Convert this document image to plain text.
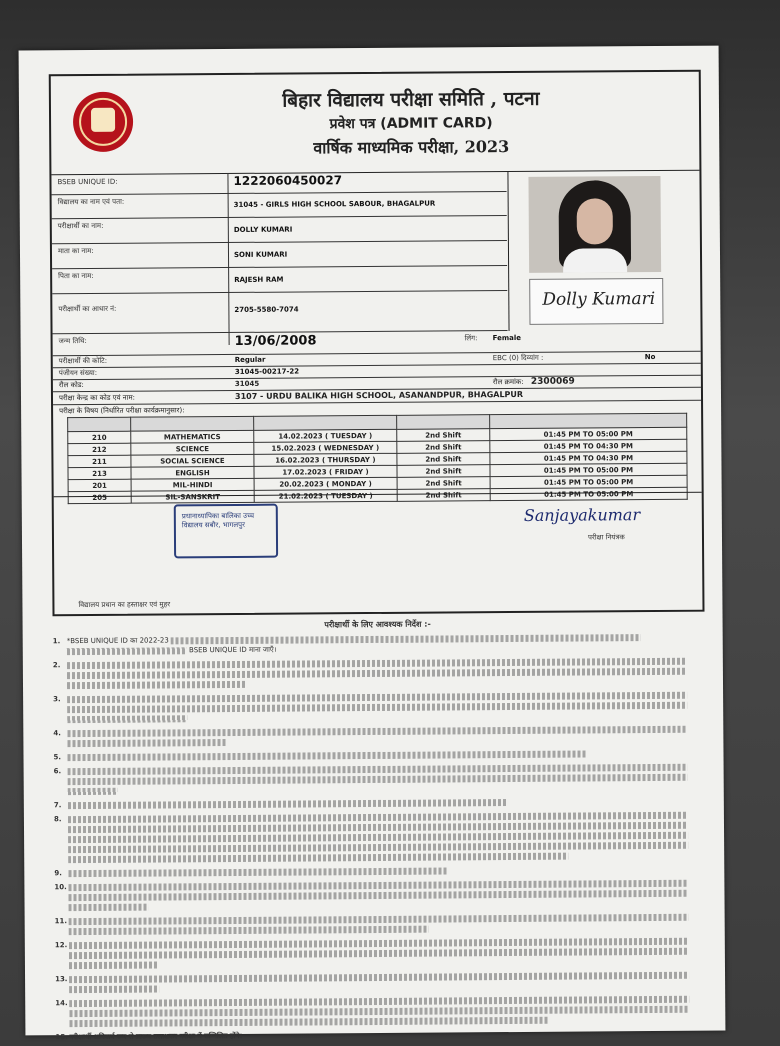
बिहार विद्यालय परीक्षा समिति , पटना
प्रवेश पत्र (ADMIT CARD)
वार्षिक माध्यमिक परीक्षा, 2023
BSEB UNIQUE ID:	1222060450027
विद्यालय का नाम एवं पता:	31045 - GIRLS HIGH SCHOOL SABOUR, BHAGALPUR
परीक्षार्थी का नाम:	DOLLY KUMARI
माता का नाम:	SONI KUMARI
पिता का नाम:	RAJESH RAM
परीक्षार्थी का आधार नं:	2705-5580-7074	Dolly Kumari
जन्म तिथि:	13/06/2008	लिंग: Female
परीक्षार्थी की कोटि:	Regular	EBC (0) दिव्यांग :	No
पंजीयन संख्या:	31045-00217-22
रौल कोड:	31045	रौल क्रमांक: 2300069
परीक्षा केन्द्र का कोड एवं नाम:	3107 - URDU BALIKA HIGH SCHOOL, ASANANDPUR, BHAGALPUR
परीक्षा के विषय (निर्धारित परीक्षा कार्यक्रमानुसार):

210	MATHEMATICS	14.02.2023 ( TUESDAY )	2nd Shift	01:45 PM TO 05:00 PM
212	SCIENCE	15.02.2023 ( WEDNESDAY )	2nd Shift	01:45 PM TO 04:30 PM
211	SOCIAL SCIENCE	16.02.2023 ( THURSDAY )	2nd Shift	01:45 PM TO 04:30 PM
213	ENGLISH	17.02.2023 ( FRIDAY )	2nd Shift	01:45 PM TO 05:00 PM
201	MIL-HINDI	20.02.2023 ( MONDAY )	2nd Shift	01:45 PM TO 05:00 PM
205	SIL-SANSKRIT	21.02.2023 ( TUESDAY )	2nd Shift	01:45 PM TO 05:00 PM
प्रधानाध्यापिका बालिका उच्च विद्यालय सबौर, भागलपुर
Sanjayakumar
विद्यालय प्रधान का हस्ताक्षर एवं मुहर
परीक्षा नियंत्रक
परीक्षार्थी के लिए आवश्यक निर्देश :-
1. *BSEB UNIQUE ID का 2022-23
BSEB UNIQUE ID माना जाएँ।
2.

3.

4.

5.
6.

7.
8.

9.
10.

11.

12.

13.

14.

15. परीक्षार्थी अनिवार्य रूप से प्रारूप तलाशकर परीक्षा में सम्मिलित होंगे।
